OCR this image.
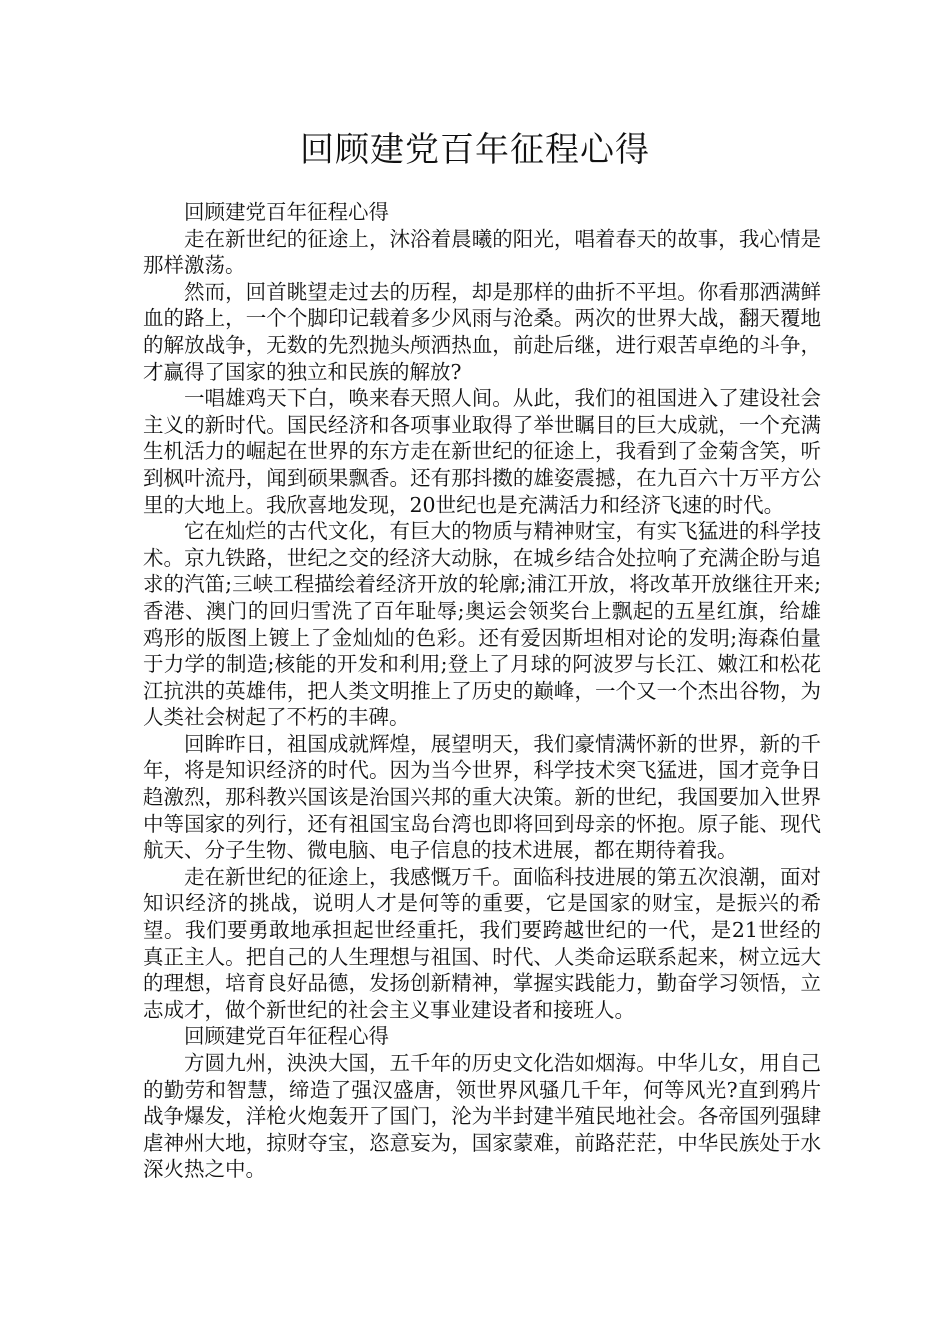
回顾建党百年征程心得

回顾建党百年征程心得

走在新世纪的征途上，沐浴着晨曦的阳光，唱着春天的故事，我心情是那样激荡。

然而，回首眺望走过去的历程，却是那样的曲折不平坦。你看那洒满鲜血的路上，一个个脚印记载着多少风雨与沧桑。两次的世界大战，翻天覆地的解放战争，无数的先烈抛头颅洒热血，前赴后继，进行艰苦卓绝的斗争，才赢得了国家的独立和民族的解放?

一唱雄鸡天下白，唤来春天照人间。从此，我们的祖国进入了建设社会主义的新时代。国民经济和各项事业取得了举世瞩目的巨大成就，一个充满生机活力的崛起在世界的东方走在新世纪的征途上，我看到了金菊含笑，听到枫叶流丹，闻到硕果飘香。还有那抖擞的雄姿震撼，在九百六十万平方公里的大地上。我欣喜地发现，20世纪也是充满活力和经济飞速的时代。

它在灿烂的古代文化，有巨大的物质与精神财宝，有实飞猛进的科学技术。京九铁路，世纪之交的经济大动脉，在城乡结合处拉响了充满企盼与追求的汽笛;三峡工程描绘着经济开放的轮廓;浦江开放，将改革开放继往开来;香港、澳门的回归雪洗了百年耻辱;奥运会领奖台上飘起的五星红旗，给雄鸡形的版图上镀上了金灿灿的色彩。还有爱因斯坦相对论的发明;海森伯量于力学的制造;核能的开发和利用;登上了月球的阿波罗与长江、嫩江和松花江抗洪的英雄伟，把人类文明推上了历史的巅峰，一个又一个杰出谷物，为人类社会树起了不朽的丰碑。

回眸昨日，祖国成就辉煌，展望明天，我们豪情满怀新的世界，新的千年，将是知识经济的时代。因为当今世界，科学技术突飞猛进，国才竞争日趋激烈，那科教兴国该是治国兴邦的重大决策。新的世纪，我国要加入世界中等国家的列行，还有祖国宝岛台湾也即将回到母亲的怀抱。原子能、现代航天、分子生物、微电脑、电子信息的技术进展，都在期待着我。

走在新世纪的征途上，我感慨万千。面临科技进展的第五次浪潮，面对知识经济的挑战，说明人才是何等的重要，它是国家的财宝，是振兴的希望。我们要勇敢地承担起世经重托，我们要跨越世纪的一代，是21世经的真正主人。把自己的人生理想与祖国、时代、人类命运联系起来，树立远大的理想，培育良好品德，发扬创新精神，掌握实践能力，勤奋学习领悟，立志成才，做个新世纪的社会主义事业建设者和接班人。

回顾建党百年征程心得

方圆九州，泱泱大国，五千年的历史文化浩如烟海。中华儿女，用自己的勤劳和智慧，缔造了强汉盛唐，领世界风骚几千年，何等风光?直到鸦片战争爆发，洋枪火炮轰开了国门，沦为半封建半殖民地社会。各帝国列强肆虐神州大地，掠财夺宝，恣意妄为，国家蒙难，前路茫茫，中华民族处于水深火热之中。
